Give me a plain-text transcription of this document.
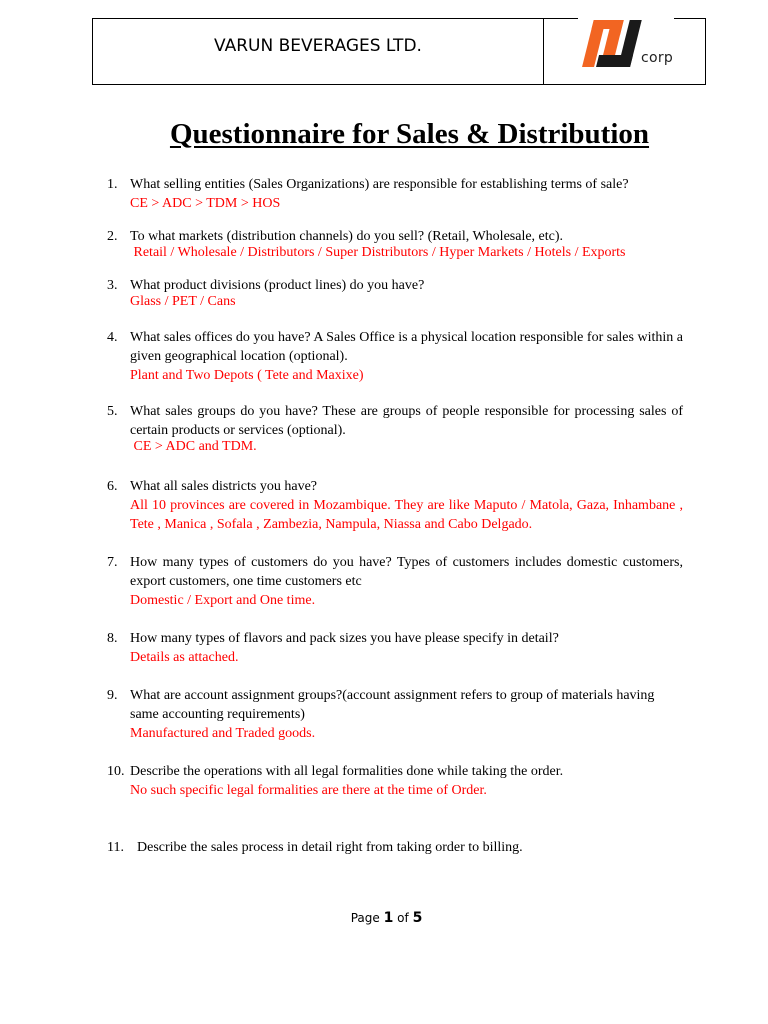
VARUN BEVERAGES LTD.
corp
Questionnaire for Sales & Distribution
1. What selling entities (Sales Organizations) are responsible for establishing terms of sale?
CE > ADC > TDM > HOS
2. To what markets (distribution channels) do you sell? (Retail, Wholesale, etc).
Retail / Wholesale / Distributors / Super Distributors / Hyper Markets / Hotels / Exports
3. What product divisions (product lines) do you have?
Glass / PET / Cans
4. What sales offices do you have? A Sales Office is a physical location responsible for sales within a given geographical location (optional).
Plant and Two Depots ( Tete and Maxixe)
5. What sales groups do you have? These are groups of people responsible for processing sales of certain products or services (optional).
CE > ADC and TDM.
6. What all sales districts you have?
All 10 provinces are covered in Mozambique. They are like Maputo / Matola, Gaza, Inhambane , Tete , Manica , Sofala , Zambezia, Nampula, Niassa and Cabo Delgado.
7. How many types of customers do you have? Types of customers includes domestic customers, export customers, one time customers etc
Domestic / Export and One time.
8. How many types of flavors and pack sizes you have please specify in detail?
Details as attached.
9. What are account assignment groups?(account assignment refers to group of materials having same accounting requirements)
Manufactured and Traded goods.
10. Describe the operations with all legal formalities done while taking the order.
No such specific legal formalities are there at the time of Order.
11. Describe the sales process in detail right from taking order to billing.
Page 1 of 5
